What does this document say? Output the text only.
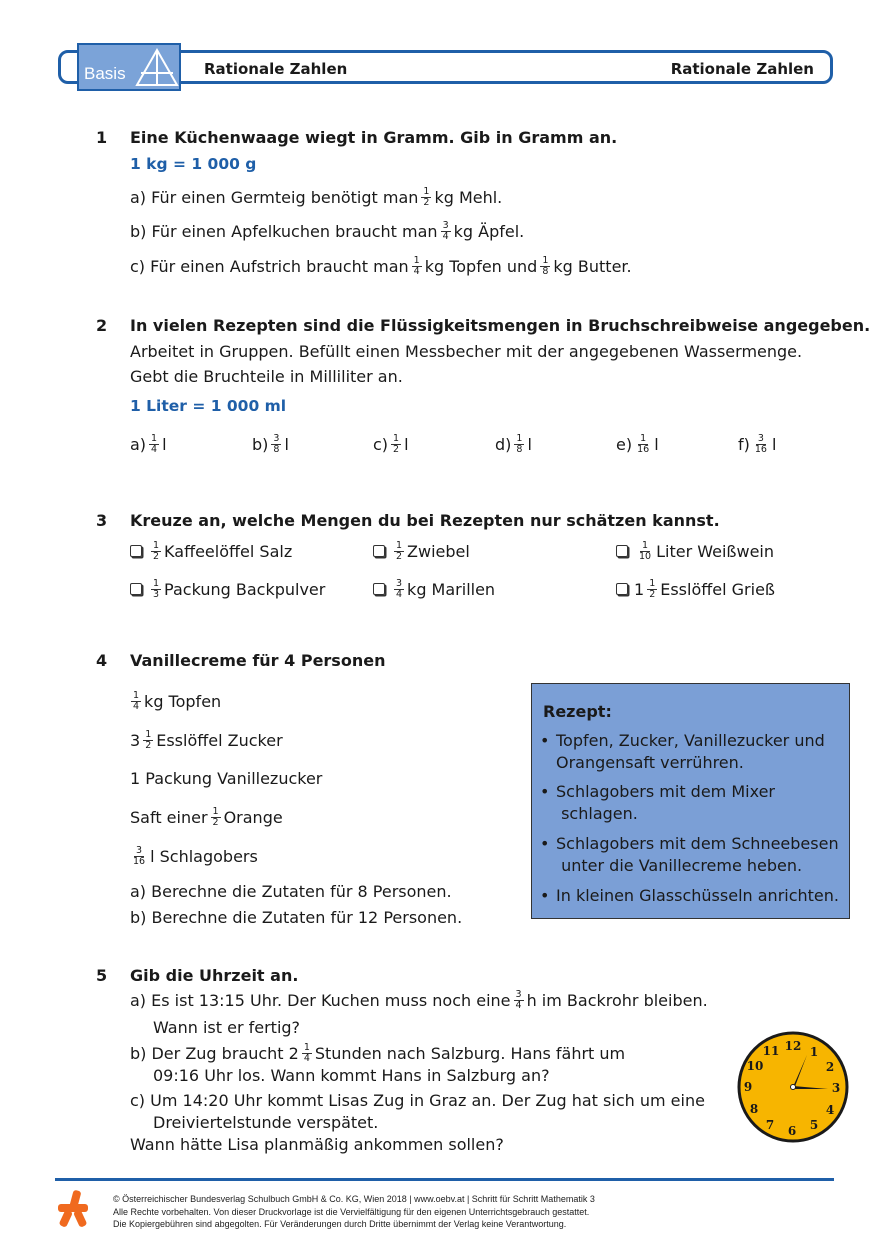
Basis	Rationale Zahlen	Rationale Zahlen
1 Eine Küchenwaage wiegt in Gramm. Gib in Gramm an.
1 kg = 1 000 g
a) Für einen Germteig benötigt man $\frac{1}{2}$ kg Mehl.
b) Für einen Apfelkuchen braucht man $\frac{3}{4}$ kg Äpfel.
c) Für einen Aufstrich braucht man $\frac{1}{4}$ kg Topfen und $\frac{1}{8}$ kg Butter.
2 In vielen Rezepten sind die Flüssigkeitsmengen in Bruchschreibweise angegeben.
Arbeitet in Gruppen. Befüllt einen Messbecher mit der angegebenen Wassermenge.
Gebt die Bruchteile in Milliliter an.
1 Liter = 1 000 ml
$a) \frac{1}{4}$ l	$b) \frac{3}{8}$ l	$c) \frac{1}{2}$ l	$d) \frac{1}{8}$ l	$e) \frac{1}{16}$ l	$f) \frac{3}{16}$ l
3 Kreuze an, welche Mengen du bei Rezepten nur schätzen kannst.
$\frac{1}{2}$ Kaffeelöffel Salz	$\frac{1}{2}$ Zwiebel	$\frac{1}{10}$ Liter Weißwein
$\frac{1}{3}$ Packung Backpulver	$\frac{3}{4}$ kg Marillen	$1 \frac{1}{2}$ Esslöffel Grieß
4 Vanillecreme für 4 Personen
$\frac{1}{4}$ kg Topfen
$3 \frac{1}{2}$ Esslöffel Zucker
1 Packung Vanillezucker
Saft einer $\frac{1}{2}$ Orange
$\frac{3}{16}$ l Schlagobers
a) Berechne die Zutaten für 8 Personen.
b) Berechne die Zutaten für 12 Personen.
Rezept:
• Topfen, Zucker, Vanillezucker und
Orangensaft verrühren.
• Schlagobers mit dem Mixer
schlagen.
• Schlagobers mit dem Schneebesen
unter die Vanillecreme heben.
• In kleinen Glasschüsseln anrichten.
5 Gib die Uhrzeit an.
a) Es ist 13:15 Uhr. Der Kuchen muss noch eine $\frac{3}{4}$ h im Backrohr bleiben.
Wann ist er fertig?
b) Der Zug braucht $2 \frac{1}{4}$ Stunden nach Salzburg. Hans fährt um
09:16 Uhr los. Wann kommt Hans in Salzburg an?
c) Um 14:20 Uhr kommt Lisas Zug in Graz an. Der Zug hat sich um eine
Dreiviertelstunde verspätet.
Wann hätte Lisa planmäßig ankommen sollen?
12 1
2
3
4
5
6
7
8
9
10
11
© Österreichischer Bundesverlag Schulbuch GmbH & Co. KG, Wien 2018 | www.oebv.at | Schritt für Schritt Mathematik 3
Alle Rechte vorbehalten. Von dieser Druckvorlage ist die Vervielfältigung für den eigenen Unterrichtsgebrauch gestattet.
Die Kopiergebühren sind abgegolten. Für Veränderungen durch Dritte übernimmt der Verlag keine Verantwortung.
